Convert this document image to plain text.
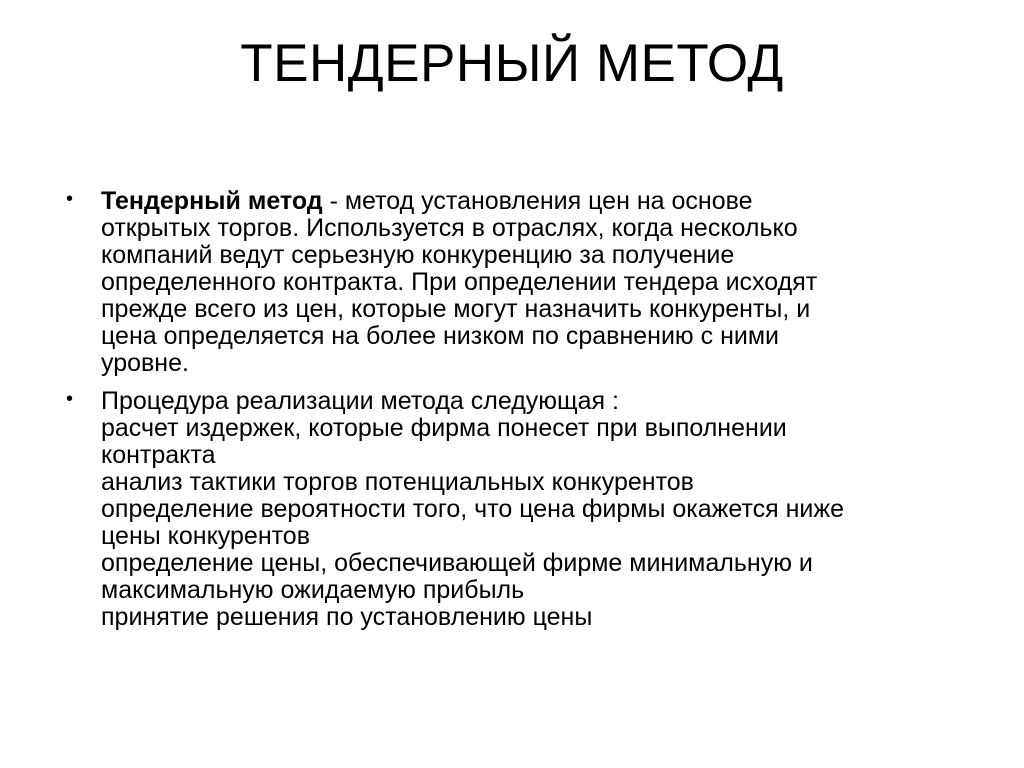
ТЕНДЕРНЫЙ МЕТОД
• Тендерный метод - метод установления цен на основе
открытых торгов. Используется в отраслях, когда несколько
компаний ведут серьезную конкуренцию за получение
определенного контракта. При определении тендера исходят
прежде всего из цен, которые могут назначить конкуренты, и
цена определяется на более низком по сравнению с ними
уровне.
• Процедура реализации метода следующая :
расчет издержек, которые фирма понесет при выполнении
контракта
анализ тактики торгов потенциальных конкурентов
определение вероятности того, что цена фирмы окажется ниже
цены конкурентов
определение цены, обеспечивающей фирме минимальную и
максимальную ожидаемую прибыль
принятие решения по установлению цены
